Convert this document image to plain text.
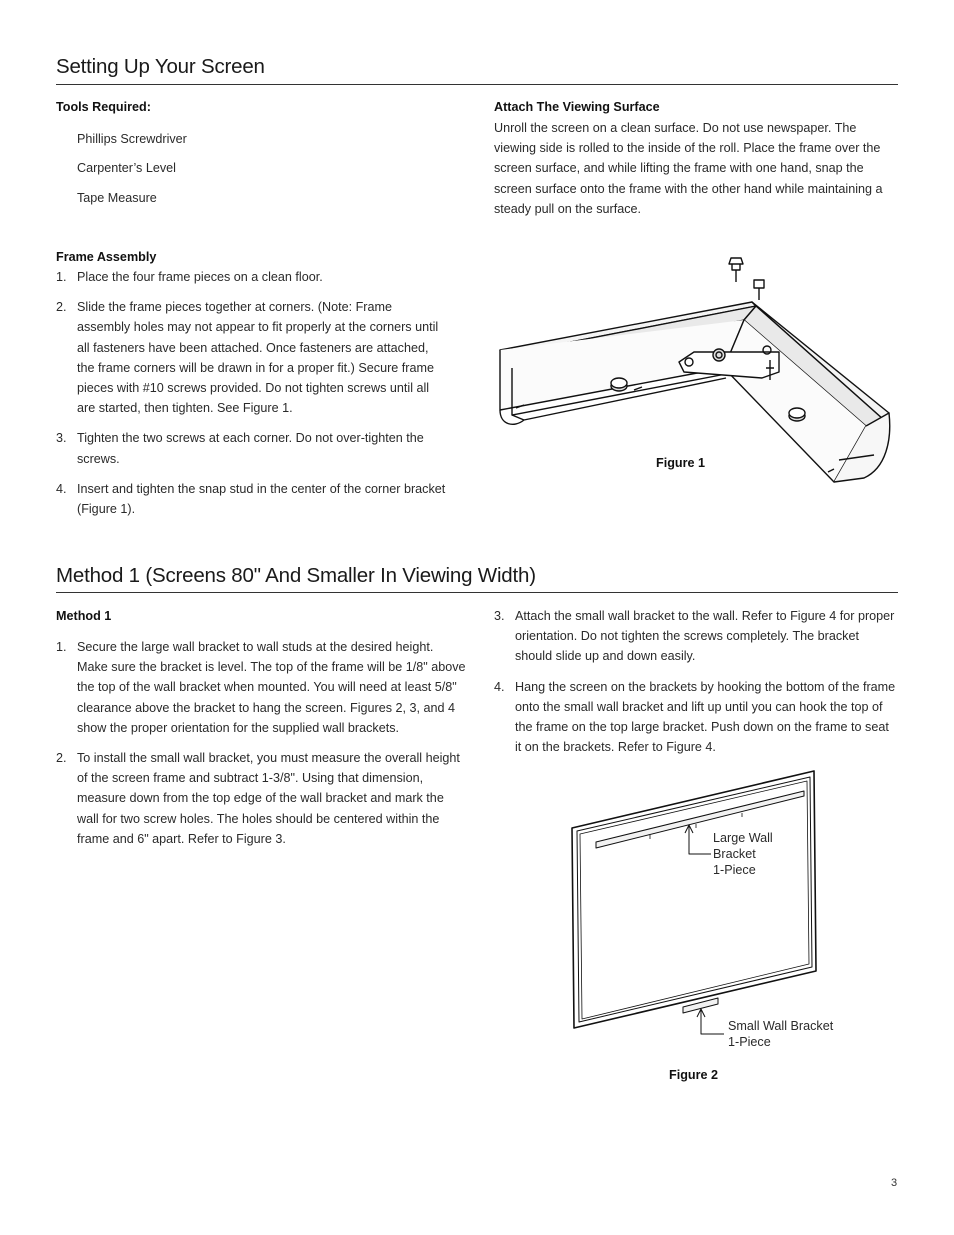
Setting Up Your Screen
Tools Required:
Phillips Screwdriver
Carpenter’s Level
Tape Measure
Frame Assembly
1. Place the four frame pieces on a clean floor.
2. Slide the frame pieces together at corners. (Note: Frame assembly holes may not appear to fit properly at the corners until all fasteners have been attached. Once fasteners are attached, the frame corners will be drawn in for a proper fit.) Secure frame pieces with #10 screws provided. Do not tighten screws until all are started, then tighten. See Figure 1.
3. Tighten the two screws at each corner. Do not over-tighten the screws.
4. Insert and tighten the snap stud in the center of the corner bracket (Figure 1).
Attach The Viewing Surface
Unroll the screen on a clean surface. Do not use newspaper. The viewing side is rolled to the inside of the roll. Place the frame over the screen surface, and while lifting the frame with one hand, snap the screen surface onto the frame with the other hand while maintaining a steady pull on the surface.
Figure 1
Method 1 (Screens 80" And Smaller In Viewing Width)
Method 1
1. Secure the large wall bracket to wall studs at the desired height. Make sure the bracket is level. The top of the frame will be 1/8" above the top of the wall bracket when mounted. You will need at least 5/8" clearance above the bracket to hang the screen. Figures 2, 3, and 4 show the proper orientation for the supplied wall brackets.
2. To install the small wall bracket, you must measure the overall height of the screen frame and subtract 1-3/8". Using that dimension, measure down from the top edge of the wall bracket and mark the wall for two screw holes. The holes should be centered within the frame and 6" apart. Refer to Figure 3.
3. Attach the small wall bracket to the wall. Refer to Figure 4 for proper orientation. Do not tighten the screws completely. The bracket should slide up and down easily.
4. Hang the screen on the brackets by hooking the bottom of the frame onto the small wall bracket and lift up until you can hook the top of the frame on the top large bracket. Push down on the frame to seat it on the brackets. Refer to Figure 4.
Large Wall
Bracket
1-Piece
Small Wall Bracket
1-Piece
Figure 2
3
